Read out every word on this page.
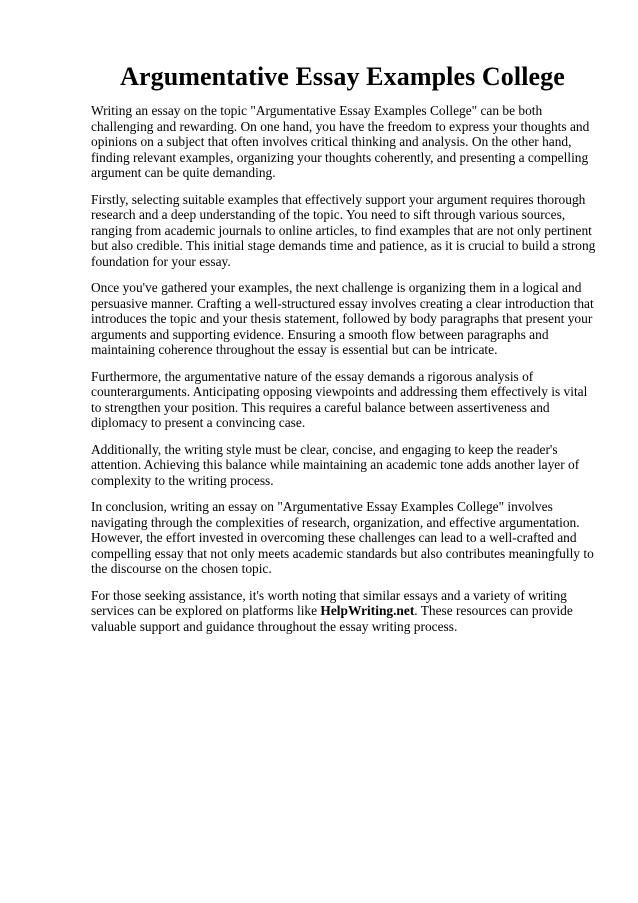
Argumentative Essay Examples College

Writing an essay on the topic "Argumentative Essay Examples College" can be both challenging and rewarding. On one hand, you have the freedom to express your thoughts and opinions on a subject that often involves critical thinking and analysis. On the other hand, finding relevant examples, organizing your thoughts coherently, and presenting a compelling argument can be quite demanding.

Firstly, selecting suitable examples that effectively support your argument requires thorough research and a deep understanding of the topic. You need to sift through various sources, ranging from academic journals to online articles, to find examples that are not only pertinent but also credible. This initial stage demands time and patience, as it is crucial to build a strong foundation for your essay.

Once you've gathered your examples, the next challenge is organizing them in a logical and persuasive manner. Crafting a well-structured essay involves creating a clear introduction that introduces the topic and your thesis statement, followed by body paragraphs that present your arguments and supporting evidence. Ensuring a smooth flow between paragraphs and maintaining coherence throughout the essay is essential but can be intricate.

Furthermore, the argumentative nature of the essay demands a rigorous analysis of counterarguments. Anticipating opposing viewpoints and addressing them effectively is vital to strengthen your position. This requires a careful balance between assertiveness and diplomacy to present a convincing case.

Additionally, the writing style must be clear, concise, and engaging to keep the reader's attention. Achieving this balance while maintaining an academic tone adds another layer of complexity to the writing process.

In conclusion, writing an essay on "Argumentative Essay Examples College" involves navigating through the complexities of research, organization, and effective argumentation. However, the effort invested in overcoming these challenges can lead to a well-crafted and compelling essay that not only meets academic standards but also contributes meaningfully to the discourse on the chosen topic.

For those seeking assistance, it's worth noting that similar essays and a variety of writing services can be explored on platforms like HelpWriting.net. These resources can provide valuable support and guidance throughout the essay writing process.
